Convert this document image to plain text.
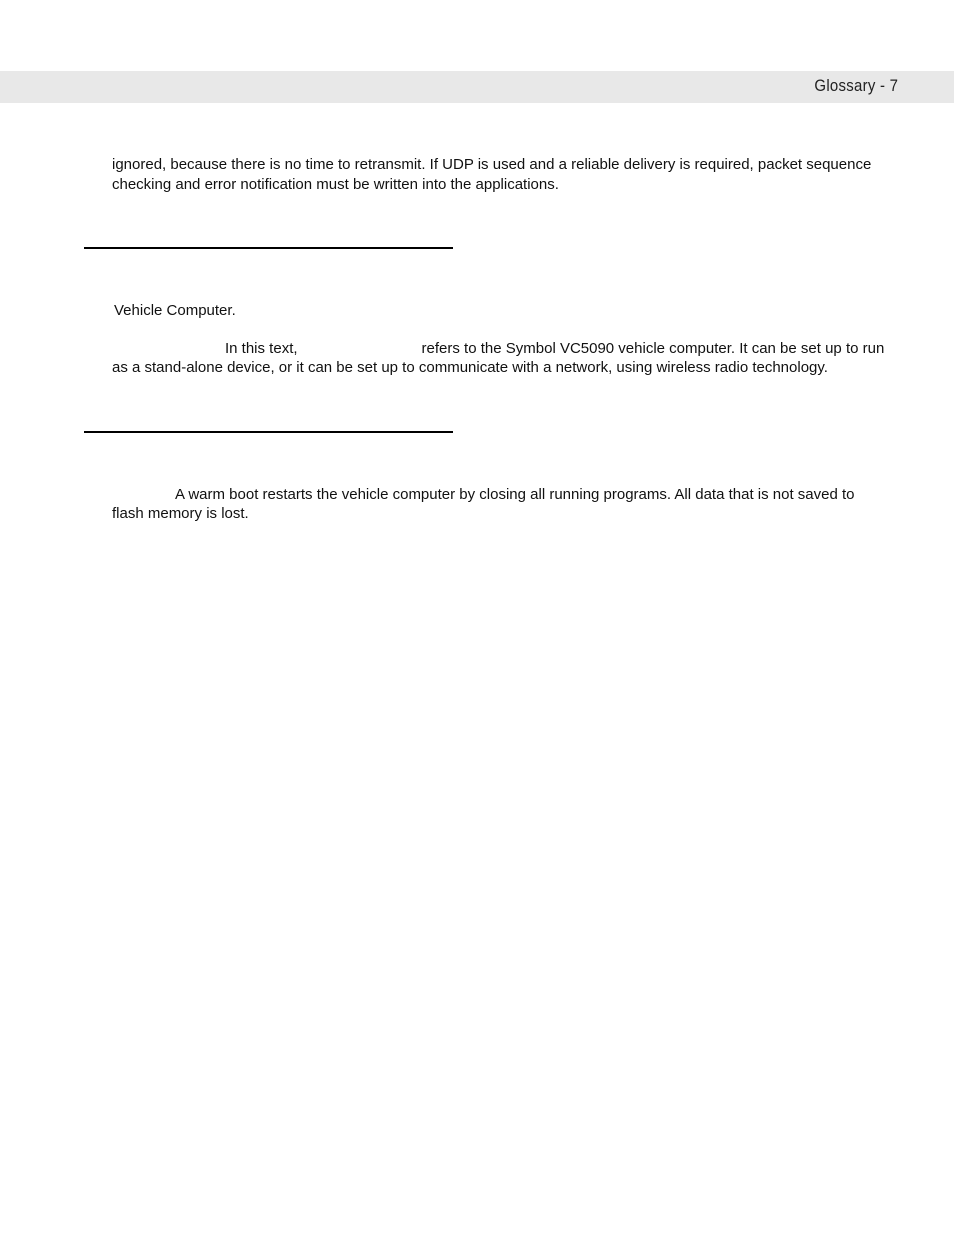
Glossary - 7
ignored, because there is no time to retransmit. If UDP is used and a reliable delivery is required, packet sequence checking and error notification must be written into the applications.
Vehicle Computer.
In this text,	refers to the Symbol VC5090 vehicle computer. It can be set up to run
as a stand-alone device, or it can be set up to communicate with a network, using wireless radio technology.
A warm boot restarts the vehicle computer by closing all running programs. All data that is not saved to
flash memory is lost.
